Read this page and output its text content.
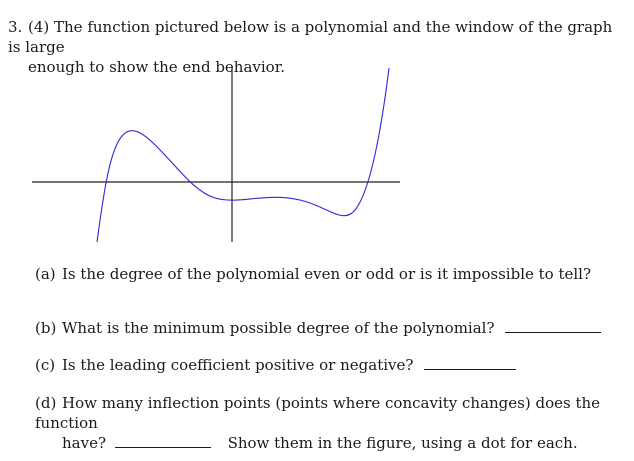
3. (4) The function pictured below is a polynomial and the window of the graph is large
enough to show the end behavior.
(a) Is the degree of the polynomial even or odd or is it impossible to tell?
(b) What is the minimum possible degree of the polynomial?
(c) Is the leading coefficient positive or negative?
(d) How many inflection points (points where concavity changes) does the function
have?	Show them in the figure, using a dot for each.
